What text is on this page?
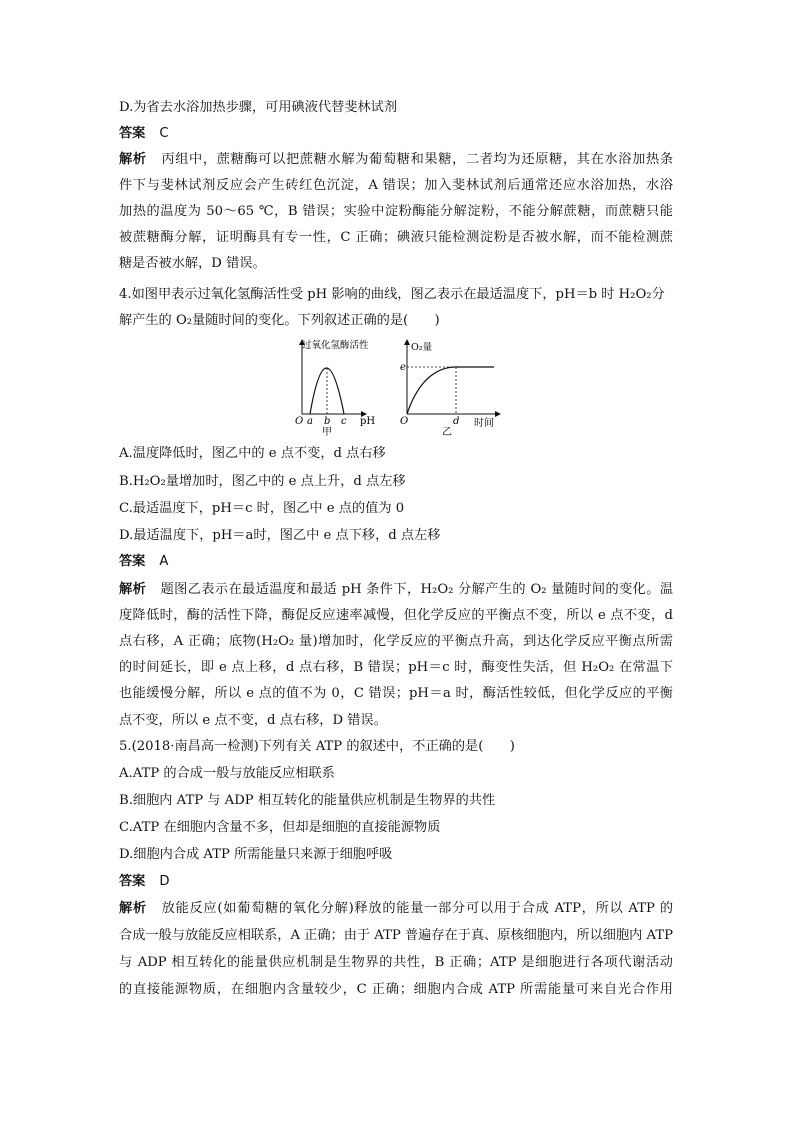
D.为省去水浴加热步骤，可用碘液代替斐林试剂
答案 C
解析 丙组中，蔗糖酶可以把蔗糖水解为葡萄糖和果糖，二者均为还原糖，其在水浴加热条
件下与斐林试剂反应会产生砖红色沉淀，A 错误；加入斐林试剂后通常还应水浴加热，水浴
加热的温度为 50～65 ℃，B 错误；实验中淀粉酶能分解淀粉，不能分解蔗糖，而蔗糖只能
被蔗糖酶分解，证明酶具有专一性，C 正确；碘液只能检测淀粉是否被水解，而不能检测蔗
糖是否被水解，D 错误。
4.如图甲表示过氧化氢酶活性受 pH 影响的曲线，图乙表示在最适温度下，pH＝b 时 H₂O₂分
解产生的 O₂量随时间的变化。下列叙述正确的是(　　)
过氧化氢酶活性
O a b c pH
甲
O₂量
e
O	d 时间
乙
A.温度降低时，图乙中的 e 点不变，d 点右移
B.H₂O₂量增加时，图乙中的 e 点上升，d 点左移
C.最适温度下，pH＝c 时，图乙中 e 点的值为 0
D.最适温度下，pH＝a时，图乙中 e 点下移，d 点左移
答案 A
解析 题图乙表示在最适温度和最适 pH 条件下，H₂O₂ 分解产生的 O₂ 量随时间的变化。温
度降低时，酶的活性下降，酶促反应速率减慢，但化学反应的平衡点不变，所以 e 点不变，d
点右移，A 正确；底物(H₂O₂ 量)增加时，化学反应的平衡点升高，到达化学反应平衡点所需
的时间延长，即 e 点上移，d 点右移，B 错误；pH＝c 时，酶变性失活，但 H₂O₂ 在常温下
也能缓慢分解，所以 e 点的值不为 0，C 错误；pH＝a 时，酶活性较低，但化学反应的平衡
点不变，所以 e 点不变，d 点右移，D 错误。
5.(2018·南昌高一检测)下列有关 ATP 的叙述中，不正确的是(　　)
A.ATP 的合成一般与放能反应相联系
B.细胞内 ATP 与 ADP 相互转化的能量供应机制是生物界的共性
C.ATP 在细胞内含量不多，但却是细胞的直接能源物质
D.细胞内合成 ATP 所需能量只来源于细胞呼吸
答案 D
解析 放能反应(如葡萄糖的氧化分解)释放的能量一部分可以用于合成 ATP，所以 ATP 的
合成一般与放能反应相联系，A 正确；由于 ATP 普遍存在于真、原核细胞内，所以细胞内 ATP
与 ADP 相互转化的能量供应机制是生物界的共性，B 正确；ATP 是细胞进行各项代谢活动
的直接能源物质，在细胞内含量较少，C 正确；细胞内合成 ATP 所需能量可来自光合作用
